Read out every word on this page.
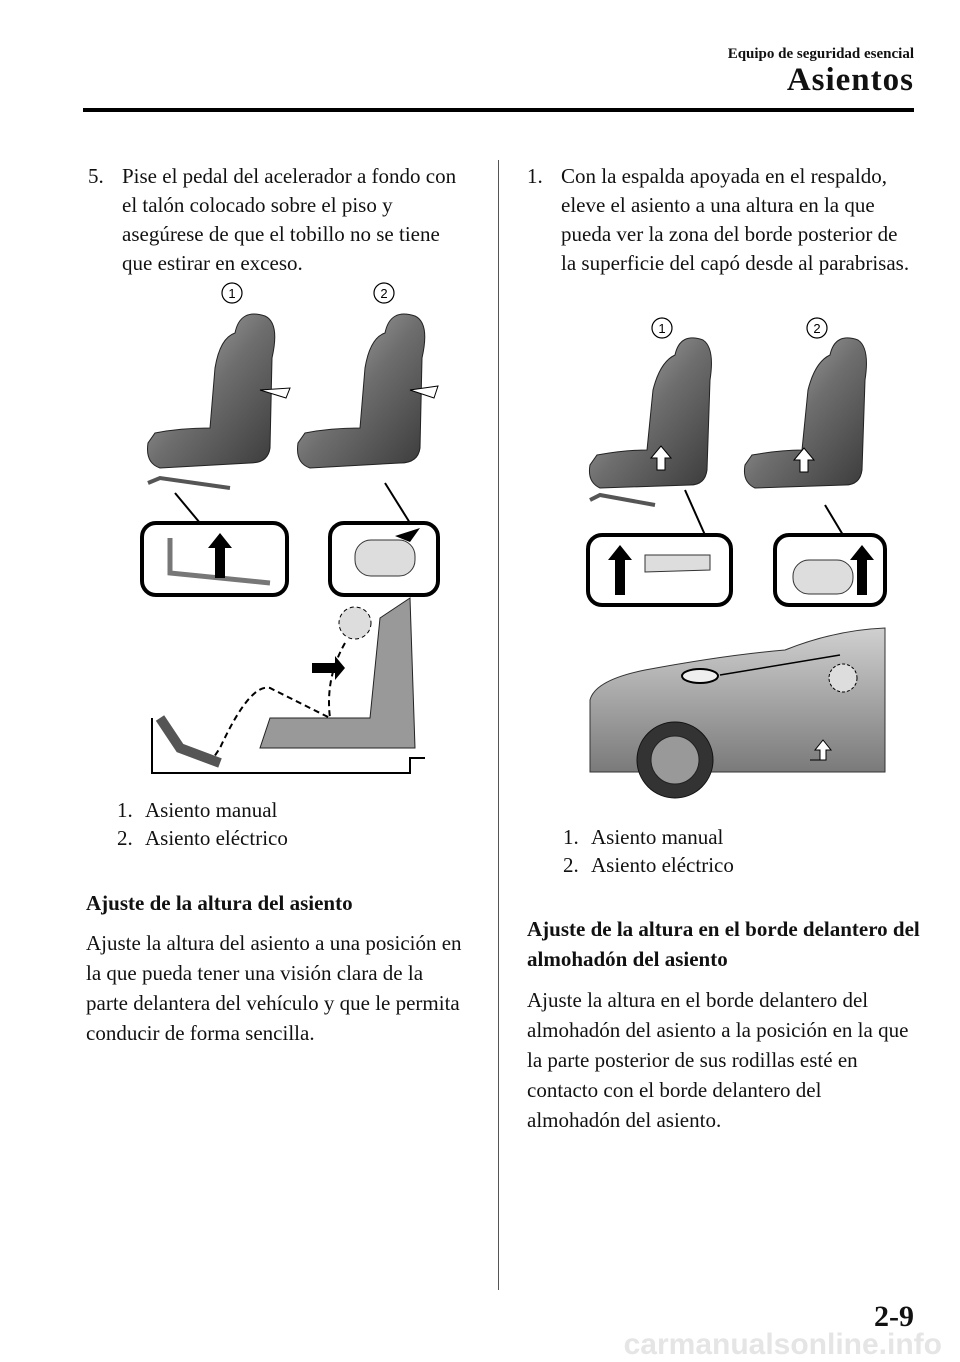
Equipo de seguridad esencial
Asientos
5. Pise el pedal del acelerador a fondo con el talón colocado sobre el piso y asegúrese de que el tobillo no se tiene que estirar en exceso.
1	2
1. Asiento manual
2. Asiento eléctrico
Ajuste de la altura del asiento
Ajuste la altura del asiento a una posición en la que pueda tener una visión clara de la parte delantera del vehículo y que le permita conducir de forma sencilla.
1. Con la espalda apoyada en el respaldo, eleve el asiento a una altura en la que pueda ver la zona del borde posterior de la superficie del capó desde al parabrisas.
1	2
1. Asiento manual
2. Asiento eléctrico
Ajuste de la altura en el borde delantero del almohadón del asiento
Ajuste la altura en el borde delantero del almohadón del asiento a la posición en la que la parte posterior de sus rodillas esté en contacto con el borde delantero del almohadón del asiento.
2-9
carmanualsonline.info
